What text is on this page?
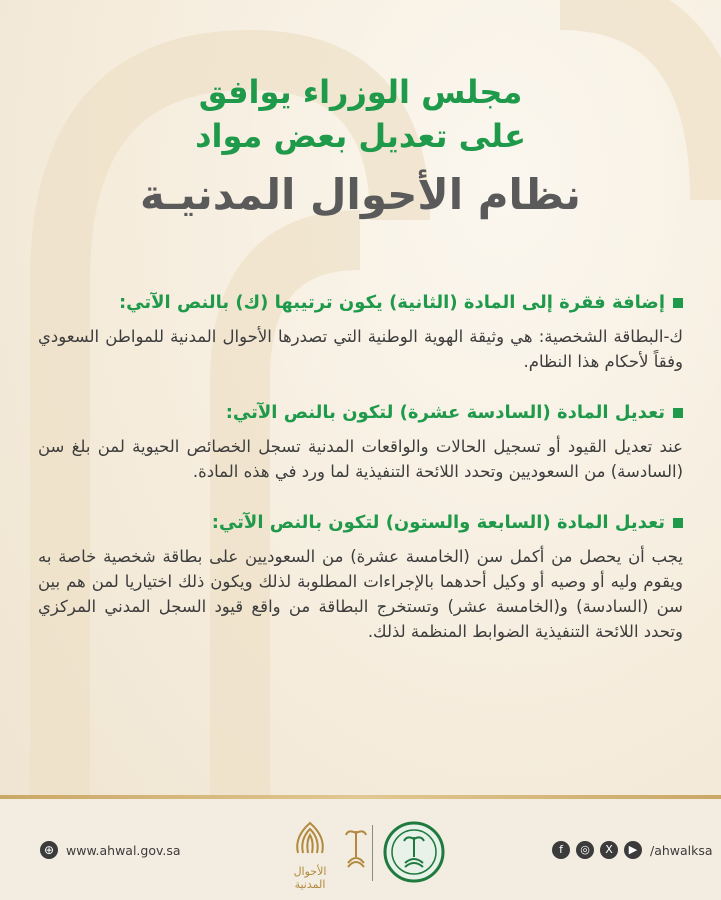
مجلس الوزراء يوافق

على تعديل بعض مواد

نظام الأحوال المدنيـة

إضافة فقرة إلى المادة (الثانية) يكون ترتيبها (ك) بالنص الآتي:

ك-البطاقة الشخصية: هي وثيقة الهوية الوطنية التي تصدرها الأحوال المدنية للمواطن السعودي وفقاً لأحكام هذا النظام.

تعديل المادة (السادسة عشرة) لتكون بالنص الآتي:

عند تعديل القيود أو تسجيل الحالات والواقعات المدنية تسجل الخصائص الحيوية لمن بلغ سن (السادسة) من السعوديين وتحدد اللائحة التنفيذية لما ورد في هذه المادة.

تعديل المادة (السابعة والستون) لتكون بالنص الآتي:

يجب أن يحصل من أكمل سن (الخامسة عشرة) من السعوديين على بطاقة شخصية خاصة به ويقوم وليه أو وصيه أو وكيل أحدهما بالإجراءات المطلوبة لذلك ويكون ذلك اختياريا لمن هم بين سن (السادسة) و(الخامسة عشر) وتستخرج البطاقة من واقع قيود السجل المدني المركزي وتحدد اللائحة التنفيذية الضوابط المنظمة لذلك.

⊕ www.ahwal.gov.sa
الأحوال المدنية
f	◎	X	▶	/ahwalksa
